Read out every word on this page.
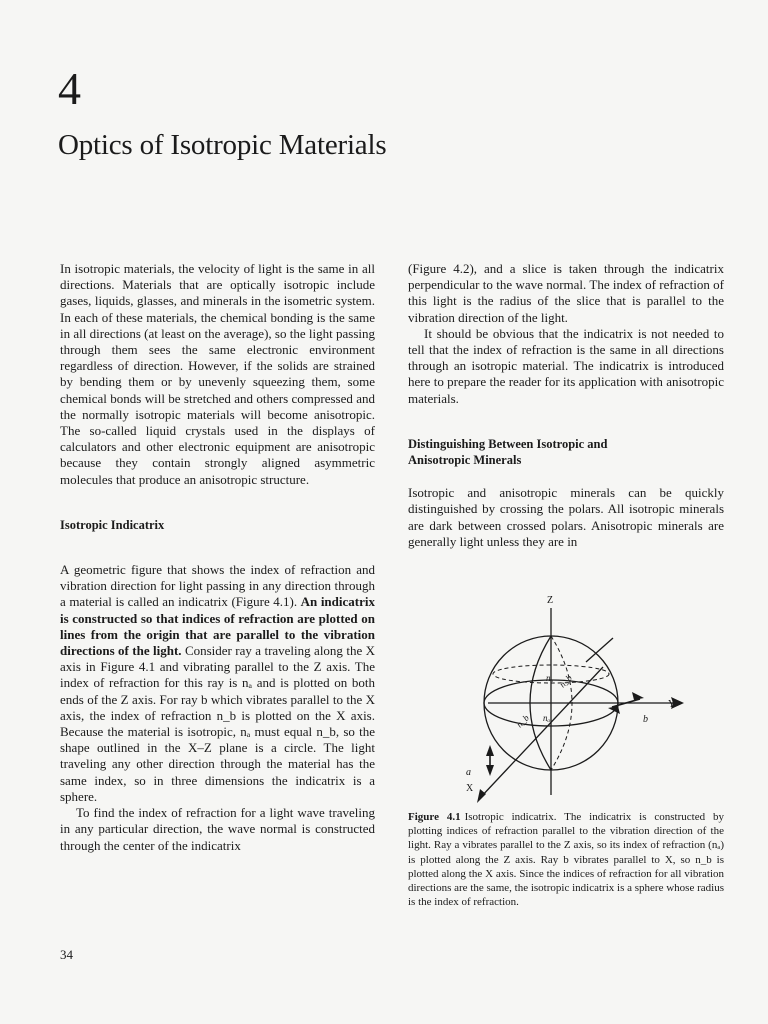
4
Optics of Isotropic Materials

In isotropic materials, the velocity of light is the same in all directions. Materials that are optically isotropic include gases, liquids, glasses, and minerals in the isometric system. In each of these materials, the chemical bonding is the same in all directions (at least on the average), so the light passing through them sees the same electronic environment regardless of direction. However, if the solids are strained by bending them or by unevenly squeezing them, some chemical bonds will be stretched and others compressed and the normally isotropic materials will become anisotropic. The so-called liquid crystals used in the displays of calculators and other electronic equipment are anisotropic because they contain strongly aligned asymmetric molecules that produce an anisotropic structure.

Isotropic Indicatrix

A geometric figure that shows the index of refraction and vibration direction for light passing in any direction through a material is called an indicatrix (Figure 4.1). An indicatrix is constructed so that indices of refraction are plotted on lines from the origin that are parallel to the vibration directions of the light. Consider ray a traveling along the X axis in Figure 4.1 and vibrating parallel to the Z axis. The index of refraction for this ray is nₐ and is plotted on both ends of the Z axis. For ray b which vibrates parallel to the X axis, the index of refraction n_b is plotted on the X axis. Because the material is isotropic, nₐ must equal n_b, so the shape outlined in the X–Z plane is a circle. The light traveling any other direction through the material has the same index, so in three dimensions the indicatrix is a sphere.

To find the index of refraction for a light wave traveling in any particular direction, the wave normal is constructed through the center of the indicatrix

(Figure 4.2), and a slice is taken through the indicatrix perpendicular to the wave normal. The index of refraction of this light is the radius of the slice that is parallel to the vibration direction of the light.

It should be obvious that the indicatrix is not needed to tell that the index of refraction is the same in all directions through an isotropic material. The indicatrix is introduced here to prepare the reader for its application with anisotropic materials.

Distinguishing Between Isotropic and
Anisotropic Minerals

Isotropic and anisotropic minerals can be quickly distinguished by crossing the polars. All isotropic minerals are dark between crossed polars. Anisotropic minerals are generally light unless they are in

Z
Y
X
a
b
nₐ n_b
n_b nₐ
Figure 4.1 Isotropic indicatrix. The indicatrix is constructed by plotting indices of refraction parallel to the vibration direction of the light. Ray a vibrates parallel to the Z axis, so its index of refraction (nₐ) is plotted along the Z axis. Ray b vibrates parallel to X, so n_b is plotted along the X axis. Since the indices of refraction for all vibration directions are the same, the isotropic indicatrix is a sphere whose radius is the index of refraction.
34
